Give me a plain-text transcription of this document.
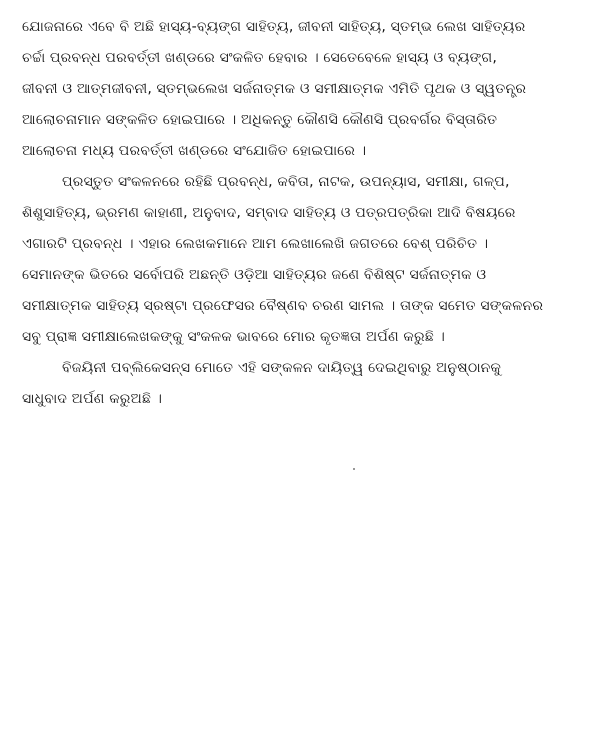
ଯୋଜନାରେ ଏବେ ବି ଅଛି ହାସ୍ୟ-ବ୍ୟଙ୍ଗ ସାହିତ୍ୟ, ଜୀବନୀ ସାହିତ୍ୟ, ସ୍ତମ୍ଭ ଲେଖ ସାହିତ୍ୟର
ଚର୍ଚ୍ଚା ପ୍ରବନ୍ଧ ପରବର୍ତ୍ତୀ ଖଣ୍ଡରେ ସଂକଳିତ ହେବାର । ସେତେବେଳେ ହାସ୍ୟ ଓ ବ୍ୟଙ୍ଗ,
ଜୀବନୀ ଓ ଆତ୍ମଜୀବନୀ, ସ୍ତମ୍ଭଲେଖ ସର୍ଜନାତ୍ମକ ଓ ସମୀକ୍ଷାତ୍ମକ ଏମିତି ପୃଥକ ଓ ସ୍ୱତନ୍ତ୍ର
ଆଲୋଚନାମାନ ସଙ୍କଳିତ ହୋଇପାରେ । ଅଧିକନ୍ତୁ କୌଣସି କୌଣସି ପ୍ରବର୍ଗର ବିସ୍ତାରିତ
ଆଲୋଚନା ମଧ୍ୟ ପରବର୍ତ୍ତୀ ଖଣ୍ଡରେ ସଂଯୋଜିତ ହୋଇପାରେ ।
ପ୍ରସ୍ତୁତ ସଂକଳନରେ ରହିଛି ପ୍ରବନ୍ଧ, କବିତା, ନାଟକ, ଉପନ୍ୟାସ, ସମୀକ୍ଷା, ଗଳ୍ପ,
ଶିଶୁସାହିତ୍ୟ, ଭ୍ରମଣ କାହାଣୀ, ଅନୁବାଦ, ସମ୍ବାଦ ସାହିତ୍ୟ ଓ ପତ୍ରପତ୍ରିକା ଆଦି ବିଷୟରେ
ଏଗାରଟି ପ୍ରବନ୍ଧ । ଏହାର ଲେଖକମାନେ ଆମ ଲେଖାଲେଖି ଜଗତରେ ବେଶ୍ ପରିଚିତ ।
ସେମାନଙ୍କ ଭିତରେ ସର୍ବୋପରି ଅଛନ୍ତି ଓଡ଼ିଆ ସାହିତ୍ୟର ଜଣେ ବିଶିଷ୍ଟ ସର୍ଜନାତ୍ମକ ଓ
ସମୀକ୍ଷାତ୍ମକ ସାହିତ୍ୟ ସ୍ରଷ୍ଟା ପ୍ରଫେସର ବୈଷ୍ଣବ ଚରଣ ସାମଲ । ତାଙ୍କ ସମେତ ସଙ୍କଳନର
ସବୁ ପ୍ରାଜ୍ଞ ସମୀକ୍ଷାଲେଖକଙ୍କୁ ସଂକଳକ ଭାବରେ ମୋର କୃତଜ୍ଞତା ଅର୍ପଣ କରୁଛି ।
ବିଜୟିନୀ ପବ୍ଲିକେସନ୍ସ ମୋତେ ଏହି ସଙ୍କଳନ ଦାୟିତ୍ୱ ଦେଇଥିବାରୁ ଅନୁଷ୍ଠାନକୁ
ସାଧୁବାଦ ଅର୍ପଣ କରୁଅଛି ।
